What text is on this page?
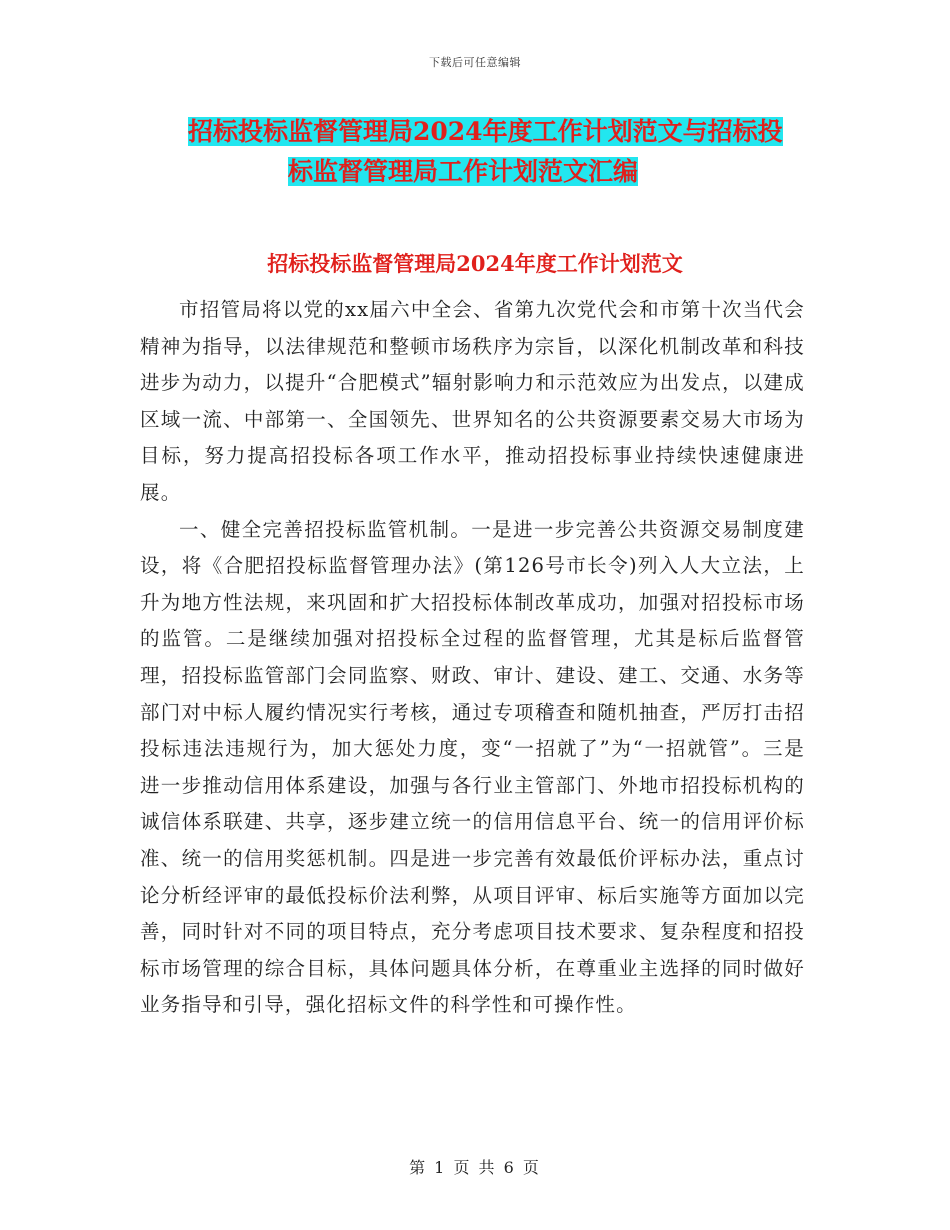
下载后可任意编辑
招标投标监督管理局2024年度工作计划范文与招标投
标监督管理局工作计划范文汇编
招标投标监督管理局2024年度工作计划范文

市招管局将以党的xx届六中全会、省第九次党代会和市第十次当代会精神为指导，以法律规范和整顿市场秩序为宗旨，以深化机制改革和科技进步为动力，以提升“合肥模式”辐射影响力和示范效应为出发点，以建成区域一流、中部第一、全国领先、世界知名的公共资源要素交易大市场为目标，努力提高招投标各项工作水平，推动招投标事业持续快速健康进展。

一、健全完善招投标监管机制。一是进一步完善公共资源交易制度建设，将《合肥招投标监督管理办法》(第126号市长令)列入人大立法，上升为地方性法规，来巩固和扩大招投标体制改革成功，加强对招投标市场的监管。二是继续加强对招投标全过程的监督管理，尤其是标后监督管理，招投标监管部门会同监察、财政、审计、建设、建工、交通、水务等部门对中标人履约情况实行考核，通过专项稽查和随机抽查，严厉打击招投标违法违规行为，加大惩处力度，变“一招就了”为“一招就管”。三是进一步推动信用体系建设，加强与各行业主管部门、外地市招投标机构的诚信体系联建、共享，逐步建立统一的信用信息平台、统一的信用评价标准、统一的信用奖惩机制。四是进一步完善有效最低价评标办法，重点讨论分析经评审的最低投标价法利弊，从项目评审、标后实施等方面加以完善，同时针对不同的项目特点，充分考虑项目技术要求、复杂程度和招投标市场管理的综合目标，具体问题具体分析，在尊重业主选择的同时做好业务指导和引导，强化招标文件的科学性和可操作性。

第 1 页 共 6 页
